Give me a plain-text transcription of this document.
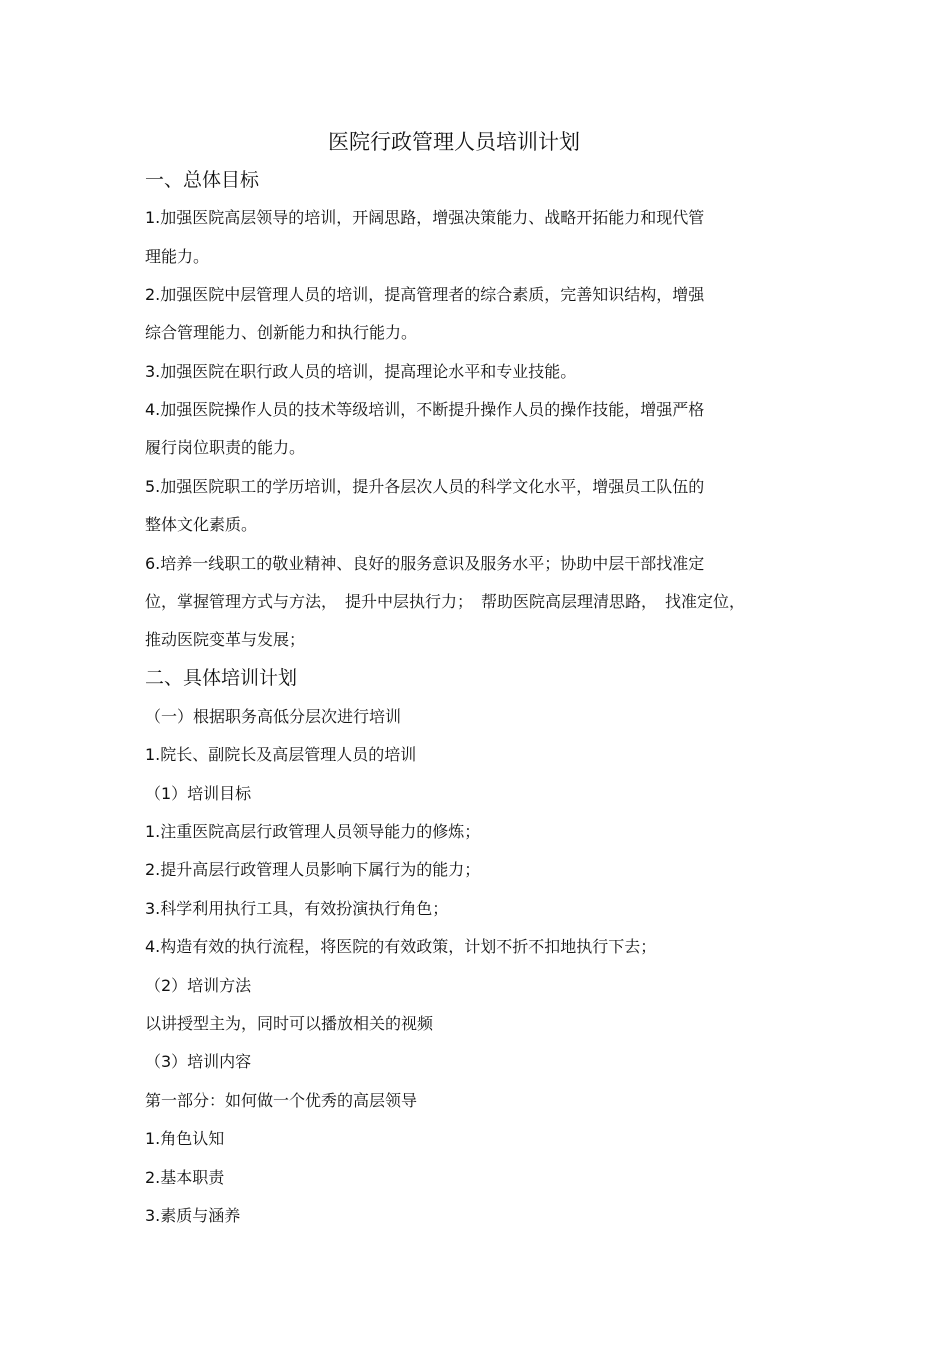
医院行政管理人员培训计划
一、总体目标
1.加强医院高层领导的培训，开阔思路，增强决策能力、战略开拓能力和现代管
理能力。
2.加强医院中层管理人员的培训，提高管理者的综合素质，完善知识结构，增强
综合管理能力、创新能力和执行能力。
3.加强医院在职行政人员的培训，提高理论水平和专业技能。
4.加强医院操作人员的技术等级培训，不断提升操作人员的操作技能，增强严格
履行岗位职责的能力。
5.加强医院职工的学历培训，提升各层次人员的科学文化水平，增强员工队伍的
整体文化素质。
6.培养一线职工的敬业精神、良好的服务意识及服务水平；协助中层干部找准定
位，掌握管理方式与方法，　提升中层执行力；　帮助医院高层理清思路，　找准定位，
推动医院变革与发展；
二、具体培训计划
（一）根据职务高低分层次进行培训
1.院长、副院长及高层管理人员的培训
（1）培训目标
1.注重医院高层行政管理人员领导能力的修炼；
2.提升高层行政管理人员影响下属行为的能力；
3.科学利用执行工具，有效扮演执行角色；
4.构造有效的执行流程，将医院的有效政策，计划不折不扣地执行下去；
（2）培训方法
以讲授型主为，同时可以播放相关的视频
（3）培训内容
第一部分：如何做一个优秀的高层领导
1.角色认知
2.基本职责
3.素质与涵养
